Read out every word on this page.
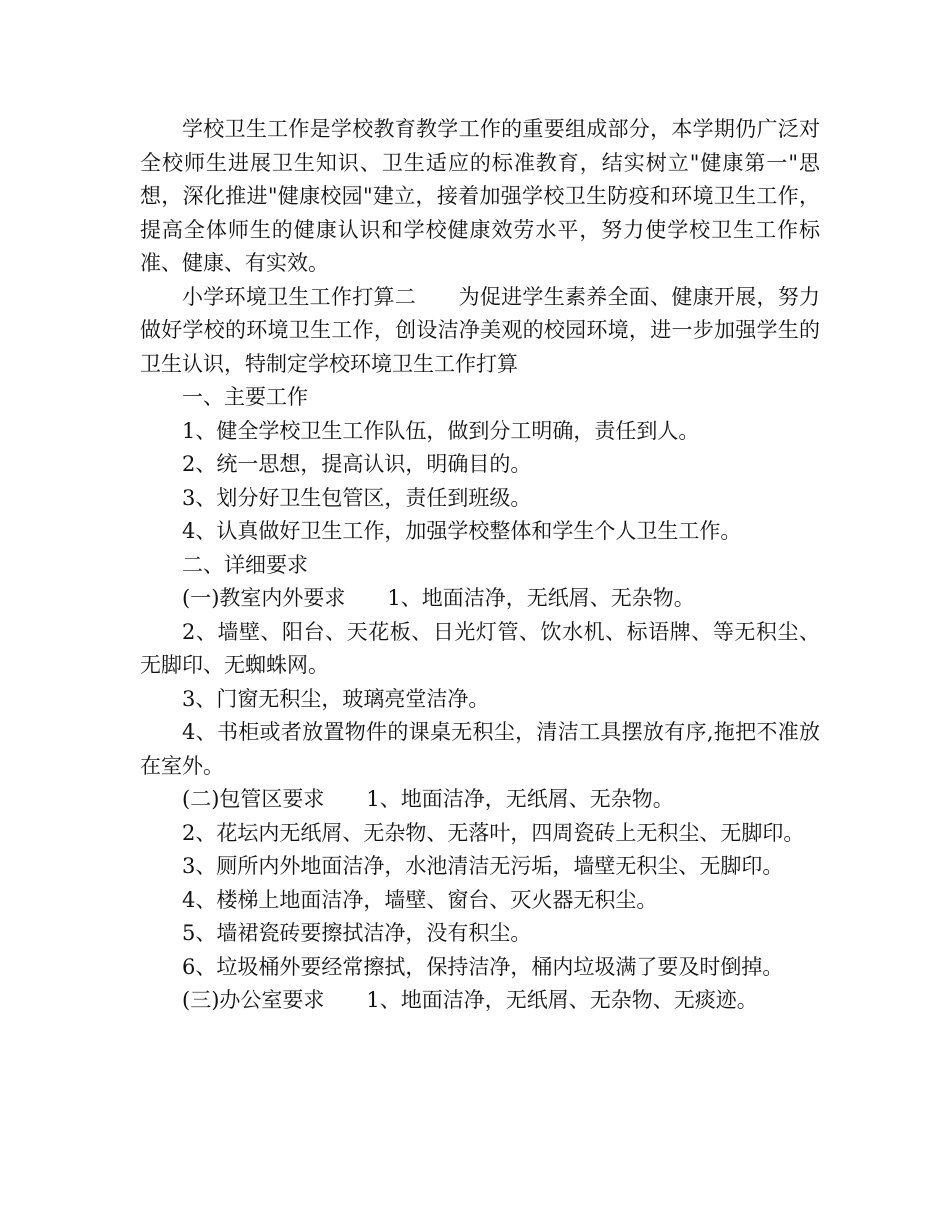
学校卫生工作是学校教育教学工作的重要组成部分，本学期仍广泛对全校师生进展卫生知识、卫生适应的标准教育，结实树立"健康第一"思想，深化推进"健康校园"建立，接着加强学校卫生防疫和环境卫生工作，提高全体师生的健康认识和学校健康效劳水平，努力使学校卫生工作标准、健康、有实效。

小学环境卫生工作打算二　　为促进学生素养全面、健康开展，努力做好学校的环境卫生工作，创设洁净美观的校园环境，进一步加强学生的卫生认识，特制定学校环境卫生工作打算

一、主要工作

1、健全学校卫生工作队伍，做到分工明确，责任到人。

2、统一思想，提高认识，明确目的。

3、划分好卫生包管区，责任到班级。

4、认真做好卫生工作，加强学校整体和学生个人卫生工作。

二、详细要求

(一)教室内外要求　　1、地面洁净，无纸屑、无杂物。

2、墙壁、阳台、天花板、日光灯管、饮水机、标语牌、等无积尘、无脚印、无蜘蛛网。

3、门窗无积尘，玻璃亮堂洁净。

4、书柜或者放置物件的课桌无积尘，清洁工具摆放有序,拖把不准放在室外。

(二)包管区要求　　1、地面洁净，无纸屑、无杂物。

2、花坛内无纸屑、无杂物、无落叶，四周瓷砖上无积尘、无脚印。

3、厕所内外地面洁净，水池清洁无污垢，墙壁无积尘、无脚印。

4、楼梯上地面洁净，墙壁、窗台、灭火器无积尘。

5、墙裙瓷砖要擦拭洁净，没有积尘。

6、垃圾桶外要经常擦拭，保持洁净，桶内垃圾满了要及时倒掉。

(三)办公室要求　　1、地面洁净，无纸屑、无杂物、无痰迹。
